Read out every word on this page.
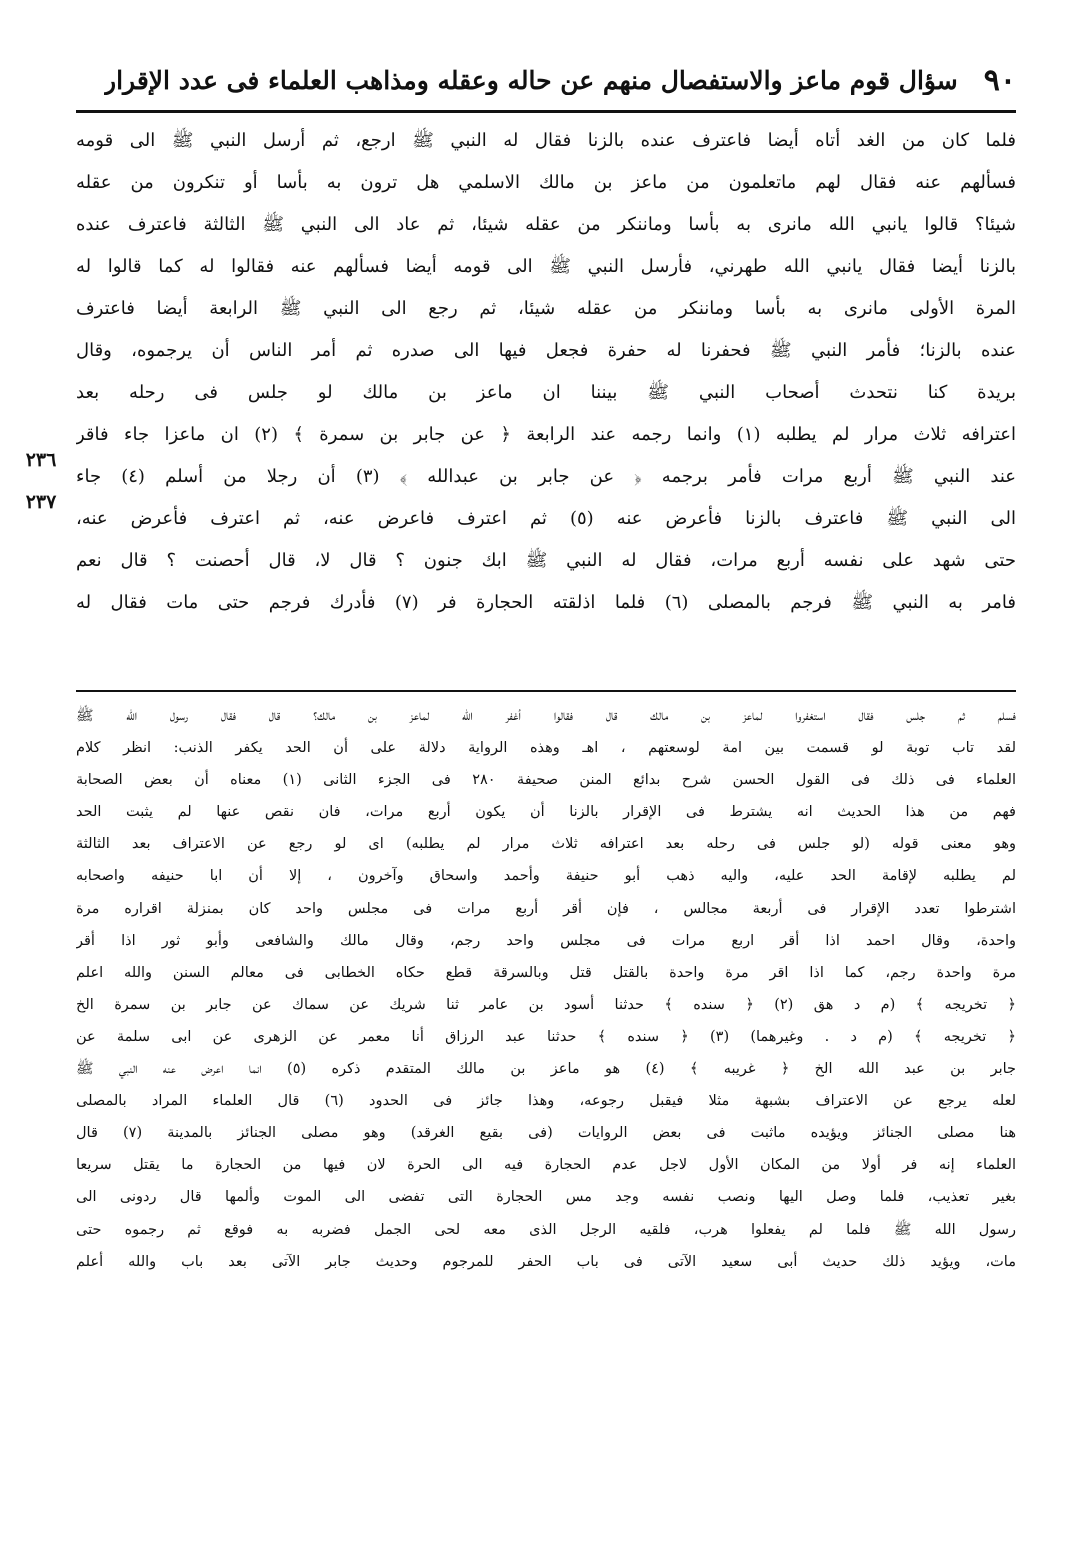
٩٠
سؤال قوم ماعز والاستفصال منهم عن حاله وعقله ومذاهب العلماء فى عدد الإقرار
٢٣٦
٢٣٧
فلما كان من الغد أتاه أيضا فاعترف عنده بالزنا فقال له النبي ﷺ ارجع، ثم أرسل النبي ﷺ الى قومه
فسألهم عنه فقال لهم ماتعلمون من ماعز بن مالك الاسلمي هل ترون به بأسا أو تنكرون من عقله
شيئا؟ قالوا يانبي الله مانرى به بأسا وماننكر من عقله شيئا، ثم عاد الى النبي ﷺ الثالثة فاعترف عنده
بالزنا أيضا فقال يانبي الله طهرني، فأرسل النبي ﷺ الى قومه أيضا فسألهم عنه فقالوا له كما قالوا له
المرة الأولى مانرى به بأسا وماننكر من عقله شيئا، ثم رجع الى النبي ﷺ الرابعة أيضا فاعترف
عنده بالزنا؛ فأمر النبي ﷺ فحفرنا له حفرة فجعل فيها الى صدره ثم أمر الناس أن يرجموه، وقال
بريدة كنا نتحدث أصحاب النبي ﷺ بيننا ان ماعز بن مالك لو جلس فى رحله بعد
اعترافه ثلاث مرار لم يطلبه (١) وانما رجمه عند الرابعة ﴿ عن جابر بن سمرة ﴾ (٢) ان ماعزا جاء فاقر
عند النبي ﷺ أربع مرات فأمر برجمه ﴿ عن جابر بن عبدالله ﴾ (٣) أن رجلا من أسلم (٤) جاء
الى النبي ﷺ فاعترف بالزنا فأعرض عنه (٥) ثم اعترف فاعرض عنه، ثم اعترف فأعرض عنه،
حتى شهد على نفسه أربع مرات، فقال له النبي ﷺ ابك جنون ؟ قال لا، قال أحصنت ؟ قال نعم
فامر به النبي ﷺ فرجم بالمصلى (٦) فلما اذلقته الحجارة فر (٧) فأدرك فرجم حتى مات فقال له
فسلم ثم جلس فقال استغفروا لماعز بن مالك قال فقالوا أغفر الله لماعز بن مالك؟ قال فقال رسول الله ﷺ
لقد تاب توبة لو قسمت بين امة لوسعتهم ، اهـ وهذه الرواية دلالة على أن الحد يكفر الذنب: انظر كلام
العلماء فى ذلك فى القول الحسن شرح بدائع المنن صحيفة ٢٨٠ فى الجزء الثانى (١) معناه أن بعض الصحابة
فهم من هذا الحديث انه يشترط فى الإقرار بالزنا أن يكون أربع مرات، فان نقص عنها لم يثبت الحد
وهو معنى قوله (لو جلس فى رحله بعد اعترافه ثلاث مرار لم يطلبه) اى لو رجع عن الاعتراف بعد الثالثة
لم يطلبه لإقامة الحد عليه، واليه ذهب أبو حنيفة وأحمد واسحاق وآخرون ، إلا أن ابا حنيفه واصحابه
اشترطوا تعدد الإقرار فى أربعة مجالس ، فإن أقر أربع مرات فى مجلس واحد كان بمنزلة اقراره مرة
واحدة، وقال احمد اذا أقر اربع مرات فى مجلس واحد رجم، وقال مالك والشافعى وأبو ثور اذا أقر
مرة واحدة رجم، كما اذا اقر مرة واحدة بالقتل قتل وبالسرقة قطع حكاه الخطابى فى معالم السنن والله اعلم
﴿ تخريجه ﴾ (م د هق (٢) ﴿ سنده ﴾ حدثنا أسود بن عامر ثنا شريك عن سماك عن جابر بن سمرة الخ
﴿ تخريجه ﴾ (م د . وغيرهما) (٣) ﴿ سنده ﴾ حدثنا عبد الرزاق أنا معمر عن الزهرى عن ابى سلمة عن
جابر بن عبد الله الخ ﴿ غريبه ﴾ (٤) هو ماعز بن مالك المتقدم ذكره (٥) انما اعرض عنه النبي ﷺ
لعله يرجع عن الاعتراف بشبهة مثلا فيقبل رجوعه، وهذا جائز فى الحدود (٦) قال العلماء المراد بالمصلى
هنا مصلى الجنائز ويؤيده ماثبت فى بعض الروايات (فى بقيع الغرقد) وهو مصلى الجنائز بالمدينة (٧) قال
العلماء إنه فر أولا من المكان الأول لاجل عدم الحجارة فيه الى الحرة لان فيها من الحجارة ما يقتل سريعا
بغير تعذيب، فلما وصل اليها ونصب نفسه وجد مس الحجارة التى تفضى الى الموت وألمها قال ردونى الى
رسول الله ﷺ فلما لم يفعلوا هرب، فلقيه الرجل الذى معه لحى الجمل فضربه به فوقع ثم رجموه حتى
مات، ويؤيد ذلك حديث أبى سعيد الآتى فى باب الحفر للمرجوم وحديث جابر الآتى بعد باب والله أعلم
